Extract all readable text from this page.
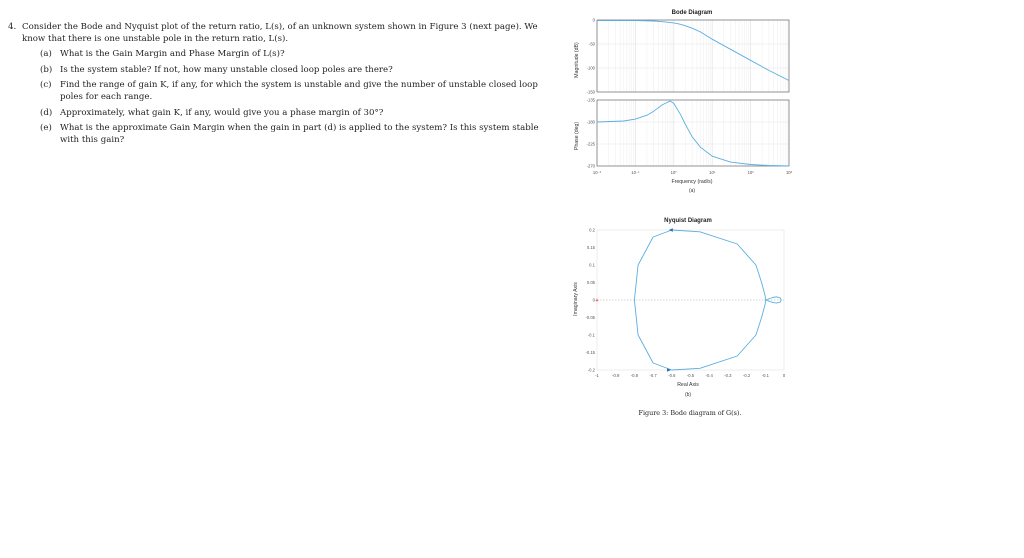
4. Consider the Bode and Nyquist plot of the return ratio, L(s), of an unknown system shown in Figure 3 (next page). We know that there is one unstable pole in the return ratio, L(s).
(a) What is the Gain Margin and Phase Margin of L(s)?
(b) Is the system stable? If not, how many unstable closed loop poles are there?
(c) Find the range of gain K, if any, for which the system is unstable and give the number of unstable closed loop poles for each range.
(d) Approximately, what gain K, if any, would give you a phase margin of 30°?
(e) What is the approximate Gain Margin when the gain in part (d) is applied to the system? Is this system stable with this gain?
Bode Diagram
Magnitude (dB)
Phase (deg)
Frequency (rad/s)
(a)
0
-50
-100
-150
-135
-180
-225
-270
10⁻²	10⁻¹	10⁰	10¹	10²	10³
Nyquist Diagram
Imaginary Axis
Real Axis
(b)
0.2
0.15
0.1
0.05
0
-0.05
-0.1
-0.15
-0.2
-1	-0.9	-0.8	-0.7	-0.6	-0.5	-0.4	-0.3	-0.2	-0.1	0
+
Figure 3: Bode diagram of G(s).
